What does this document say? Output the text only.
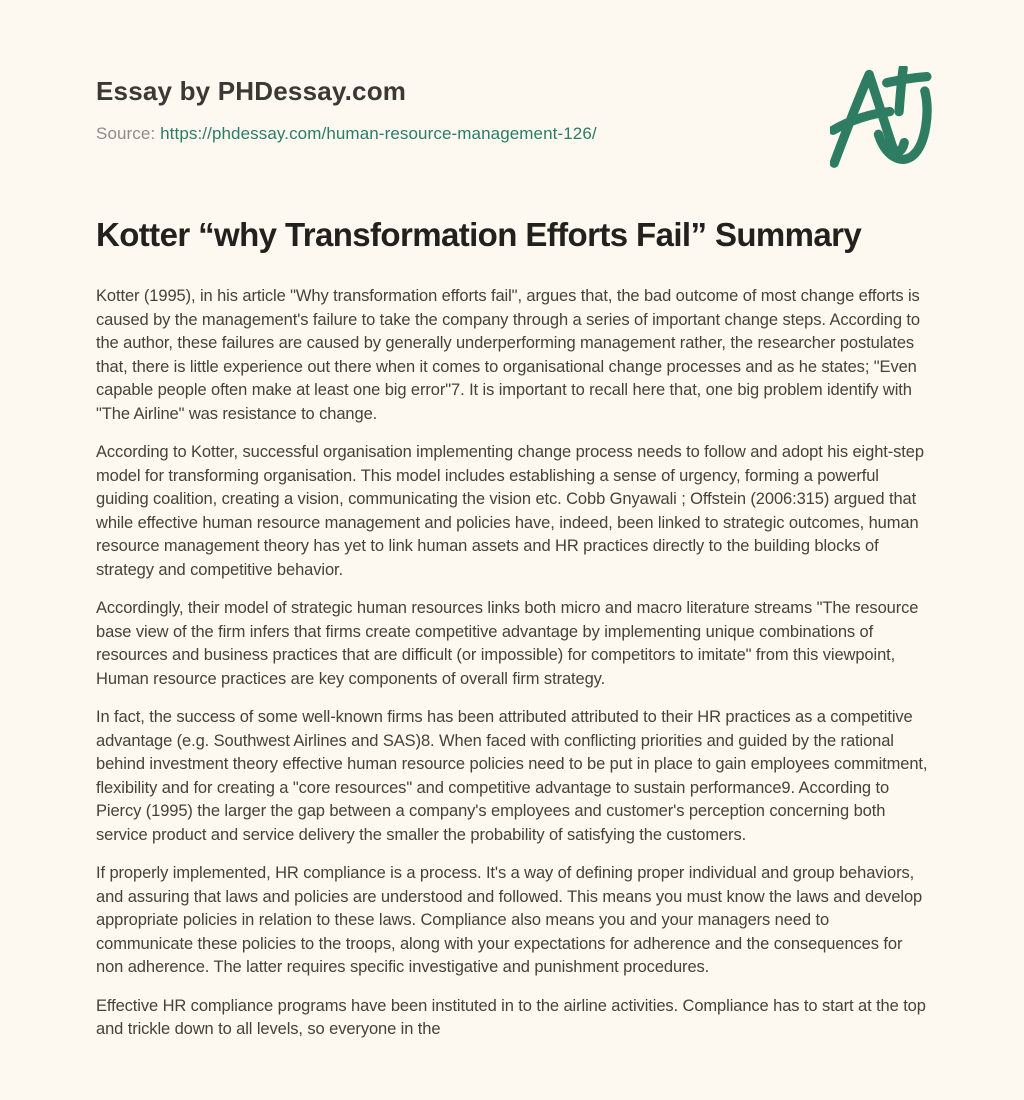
Essay by PHDessay.com
Source: https://phdessay.com/human-resource-management-126/
Kotter “why Transformation Efforts Fail” Summary

Kotter (1995), in his article "Why transformation efforts fail", argues that, the bad outcome of most change efforts is caused by the management's failure to take the company through a series of important change steps. According to the author, these failures are caused by generally underperforming management rather, the researcher postulates that, there is little experience out there when it comes to organisational change processes and as he states; "Even capable people often make at least one big error"7. It is important to recall here that, one big problem identify with "The Airline" was resistance to change.

According to Kotter, successful organisation implementing change process needs to follow and adopt his eight-step model for transforming organisation. This model includes establishing a sense of urgency, forming a powerful guiding coalition, creating a vision, communicating the vision etc. Cobb Gnyawali ; Offstein (2006:315) argued that while effective human resource management and policies have, indeed, been linked to strategic outcomes, human resource management theory has yet to link human assets and HR practices directly to the building blocks of strategy and competitive behavior.

Accordingly, their model of strategic human resources links both micro and macro literature streams "The resource base view of the firm infers that firms create competitive advantage by implementing unique combinations of resources and business practices that are difficult (or impossible) for competitors to imitate" from this viewpoint, Human resource practices are key components of overall firm strategy.

In fact, the success of some well-known firms has been attributed attributed to their HR practices as a competitive advantage (e.g. Southwest Airlines and SAS)8. When faced with conflicting priorities and guided by the rational behind investment theory effective human resource policies need to be put in place to gain employees commitment, flexibility and for creating a "core resources" and competitive advantage to sustain performance9. According to Piercy (1995) the larger the gap between a company's employees and customer's perception concerning both service product and service delivery the smaller the probability of satisfying the customers.

If properly implemented, HR compliance is a process. It's a way of defining proper individual and group behaviors, and assuring that laws and policies are understood and followed. This means you must know the laws and develop appropriate policies in relation to these laws. Compliance also means you and your managers need to communicate these policies to the troops, along with your expectations for adherence and the consequences for non adherence. The latter requires specific investigative and punishment procedures.

Effective HR compliance programs have been instituted in to the airline activities. Compliance has to start at the top and trickle down to all levels, so everyone in the
